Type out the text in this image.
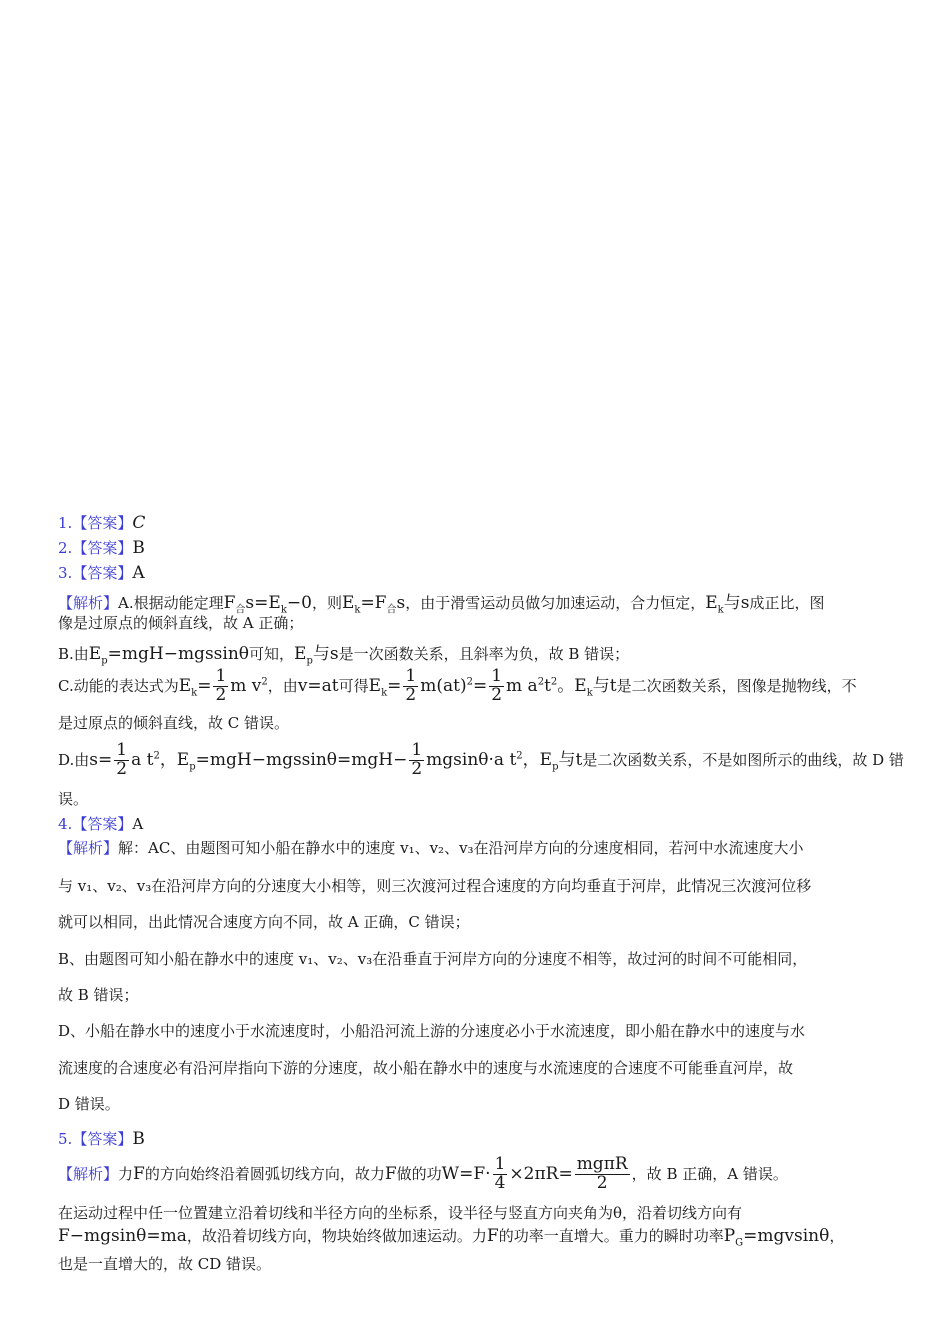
1.【答案】C
2.【答案】B
3.【答案】A
【解析】A.根据动能定理$F_合s=E_k-0$，则$E_k=F_合s$，由于滑雪运动员做匀加速运动，合力恒定，$E_k$与s成正比，图
像是过原点的倾斜直线，故 A 正确；
B.由$E_p=mgH-mgssin\theta$可知，$E_p$与s是一次函数关系，且斜率为负，故 B 错误；
C.动能的表达式为$E_k= \frac{1}{2}$ m $v^2$，由v=at可得$E_k= \frac{1}{2} m(at)^2= \frac{1}{2}$ m $a^2t^2$。$E_k$与t是二次函数关系，图像是抛物线，不
是过原点的倾斜直线，故 C 错误。
D.由$s= \frac{1}{2}$ a $t^2$，$E_p=mgH-mgssin\theta=mgH- \frac{1}{2} mgsin\theta\cdot a$ $t^2$，$E_p$与t是二次函数关系，不是如图所示的曲线，故 D 错
误。
4.【答案】A
【解析】解：AC、由题图可知小船在静水中的速度 v₁、v₂、v₃在沿河岸方向的分速度相同，若河中水流速度大小
与 v₁、v₂、v₃在沿河岸方向的分速度大小相等，则三次渡河过程合速度的方向均垂直于河岸，此情况三次渡河位移
就可以相同，出此情况合速度方向不同，故 A 正确，C 错误；
B、由题图可知小船在静水中的速度 v₁、v₂、v₃在沿垂直于河岸方向的分速度不相等，故过河的时间不可能相同，
故 B 错误；
D、小船在静水中的速度小于水流速度时，小船沿河流上游的分速度必小于水流速度，即小船在静水中的速度与水
流速度的合速度必有沿河岸指向下游的分速度，故小船在静水中的速度与水流速度的合速度不可能垂直河岸，故
D 错误。
5.【答案】B
【解析】力F的方向始终沿着圆弧切线方向，故力F做的功$W=F\cdot \frac{1}{4} \times 2\pi R= \frac{\text{mgπR}}{2}$ ，故 B 正确，A 错误。
在运动过程中任一位置建立沿着切线和半径方向的坐标系，设半径与竖直方向夹角为θ，沿着切线方向有
F−mgsinθ=ma，故沿着切线方向，物块始终做加速运动。力F的功率一直增大。重力的瞬时功率$P_G=mgvsin\theta$，
也是一直增大的，故 CD 错误。
